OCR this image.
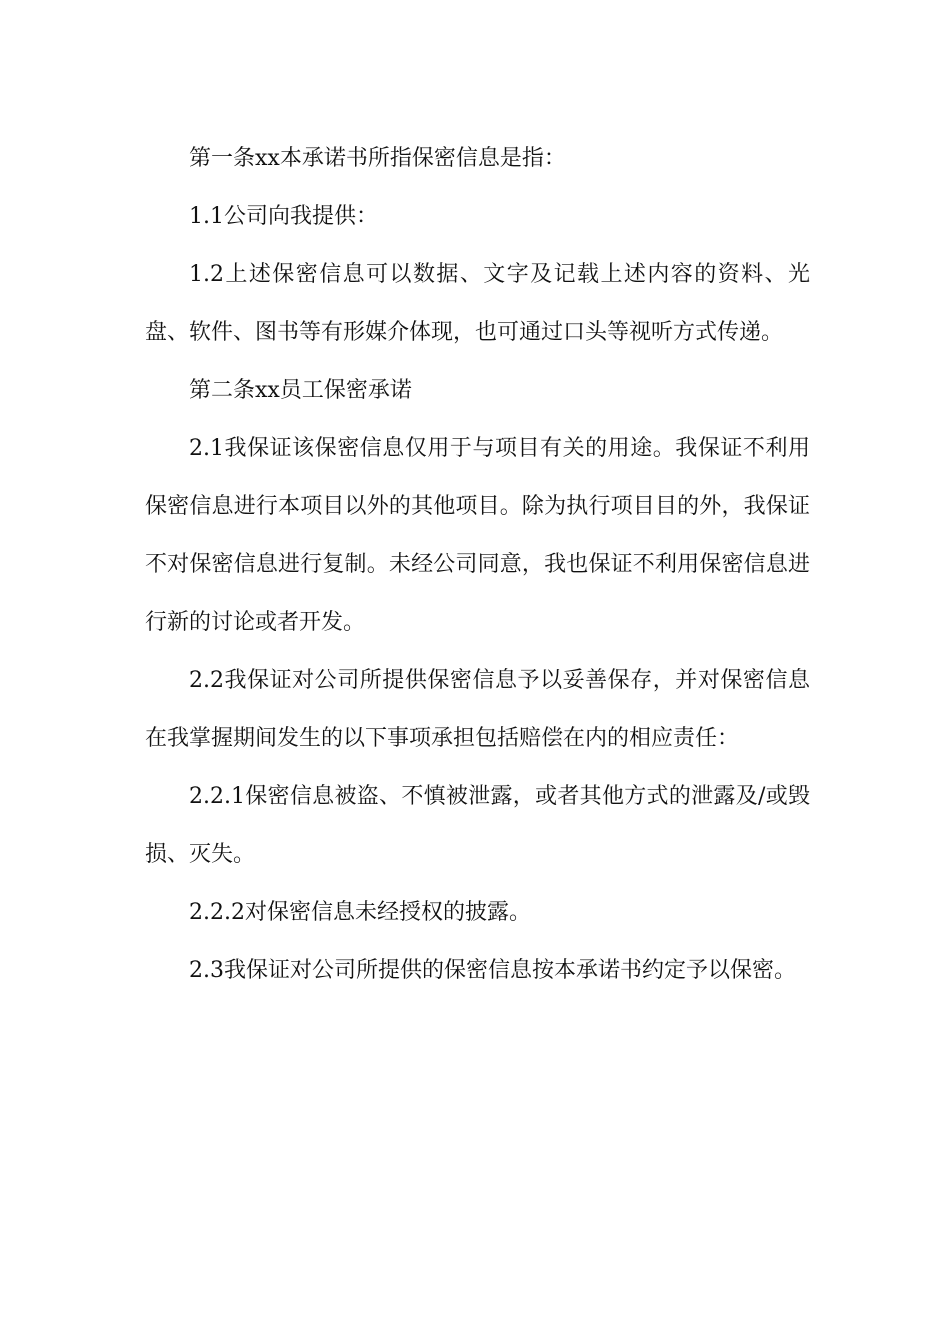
第一条xx本承诺书所指保密信息是指：

1.1公司向我提供：

1.2上述保密信息可以数据、文字及记载上述内容的资料、光盘、软件、图书等有形媒介体现，也可通过口头等视听方式传递。

第二条xx员工保密承诺

2.1我保证该保密信息仅用于与项目有关的用途。我保证不利用保密信息进行本项目以外的其他项目。除为执行项目目的外，我保证不对保密信息进行复制。未经公司同意，我也保证不利用保密信息进行新的讨论或者开发。

2.2我保证对公司所提供保密信息予以妥善保存，并对保密信息在我掌握期间发生的以下事项承担包括赔偿在内的相应责任：

2.2.1保密信息被盗、不慎被泄露，或者其他方式的泄露及/或毁损、灭失。

2.2.2对保密信息未经授权的披露。

2.3我保证对公司所提供的保密信息按本承诺书约定予以保密。
